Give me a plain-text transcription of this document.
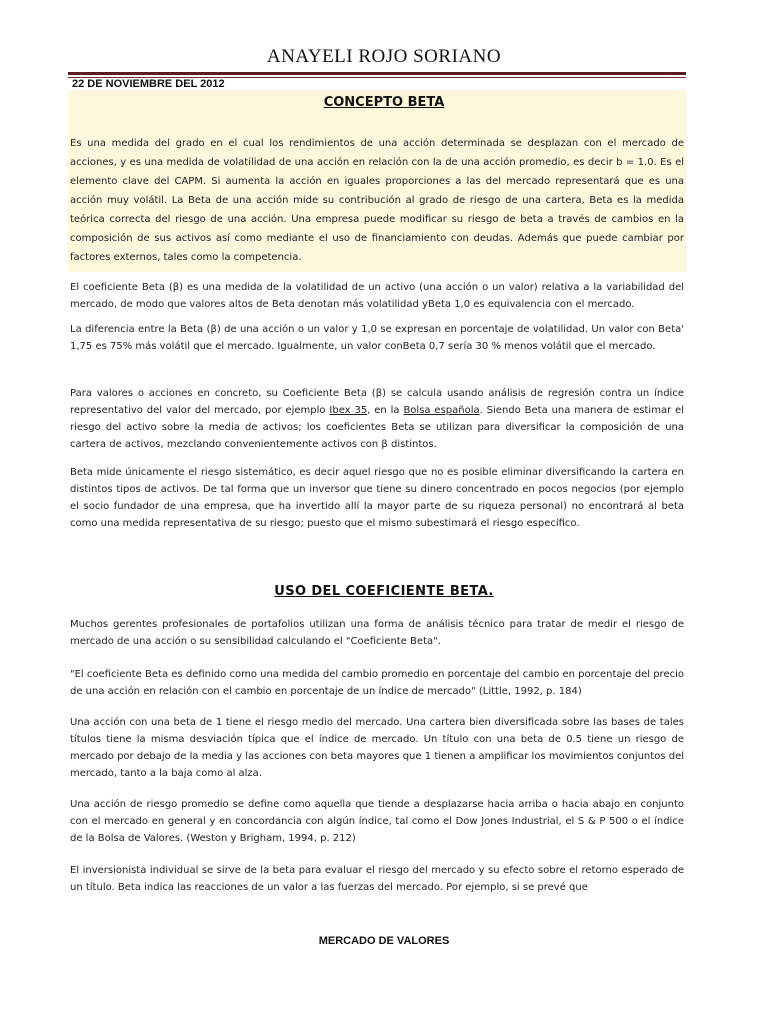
ANAYELI ROJO SORIANO
22 DE NOVIEMBRE DEL 2012
CONCEPTO BETA
Es una medida del grado en el cual los rendimientos de una acción determinada se desplazan con el mercado de acciones, y es una medida de volatilidad de una acción en relación con la de una acción promedio, es decir b = 1.0. Es el elemento clave del CAPM. Si aumenta la acción en iguales proporciones a las del mercado representará que es una acción muy volátil. La Beta de una acción mide su contribución al grado de riesgo de una cartera, Beta es la medida teórica correcta del riesgo de una acción. Una empresa puede modificar su riesgo de beta a través de cambios en la composición de sus activos así como mediante el uso de financiamiento con deudas. Además que puede cambiar por factores externos, tales como la competencia.
El coeficiente Beta (β) es una medida de la volatilidad de un activo (una acción o un valor) relativa a la variabilidad del mercado, de modo que valores altos de Beta denotan más volatilidad yBeta 1,0 es equivalencia con el mercado.
La diferencia entre la Beta (β) de una acción o un valor y 1,0 se expresan en porcentaje de volatilidad. Un valor con Beta' 1,75 es 75% más volátil que el mercado. Igualmente, un valor conBeta 0,7 sería 30 % menos volátil que el mercado.
Para valores o acciones en concreto, su Coeficiente Beta (β) se calcula usando análisis de regresión contra un índice representativo del valor del mercado, por ejemplo Ibex 35, en la Bolsa española. Siendo Beta una manera de estimar el riesgo del activo sobre la media de activos; los coeficientes Beta se utilizan para diversificar la composición de una cartera de activos, mezclando convenientemente activos con β distintos.
Beta mide únicamente el riesgo sistemático, es decir aquel riesgo que no es posible eliminar diversificando la cartera en distintos tipos de activos. De tal forma que un inversor que tiene su dinero concentrado en pocos negocios (por ejemplo el socio fundador de una empresa, que ha invertido allí la mayor parte de su riqueza personal) no encontrará al beta como una medida representativa de su riesgo; puesto que el mismo subestimará el riesgo específico.
USO DEL COEFICIENTE BETA.
Muchos gerentes profesionales de portafolios utilizan una forma de análisis técnico para tratar de medir el riesgo de mercado de una acción o su sensibilidad calculando el "Coeficiente Beta".
"El coeficiente Beta es definido como una medida del cambio promedio en porcentaje del cambio en porcentaje del precio de una acción en relación con el cambio en porcentaje de un índice de mercado" (Little, 1992, p. 184)
Una acción con una beta de 1 tiene el riesgo medio del mercado. Una cartera bien diversificada sobre las bases de tales títulos tiene la misma desviación típica que el índice de mercado. Un título con una beta de 0.5 tiene un riesgo de mercado por debajo de la media y las acciones con beta mayores que 1 tienen a amplificar los movimientos conjuntos del mercado, tanto a la baja como al alza.
Una acción de riesgo promedio se define como aquella que tiende a desplazarse hacia arriba o hacia abajo en conjunto con el mercado en general y en concordancia con algún índice, tal como el Dow Jones Industrial, el S & P 500 o el índice de la Bolsa de Valores. (Weston y Brigham, 1994, p. 212)
El inversionista individual se sirve de la beta para evaluar el riesgo del mercado y su efecto sobre el retorno esperado de un título. Beta indica las reacciones de un valor a las fuerzas del mercado. Por ejemplo, si se prevé que
MERCADO DE VALORES
